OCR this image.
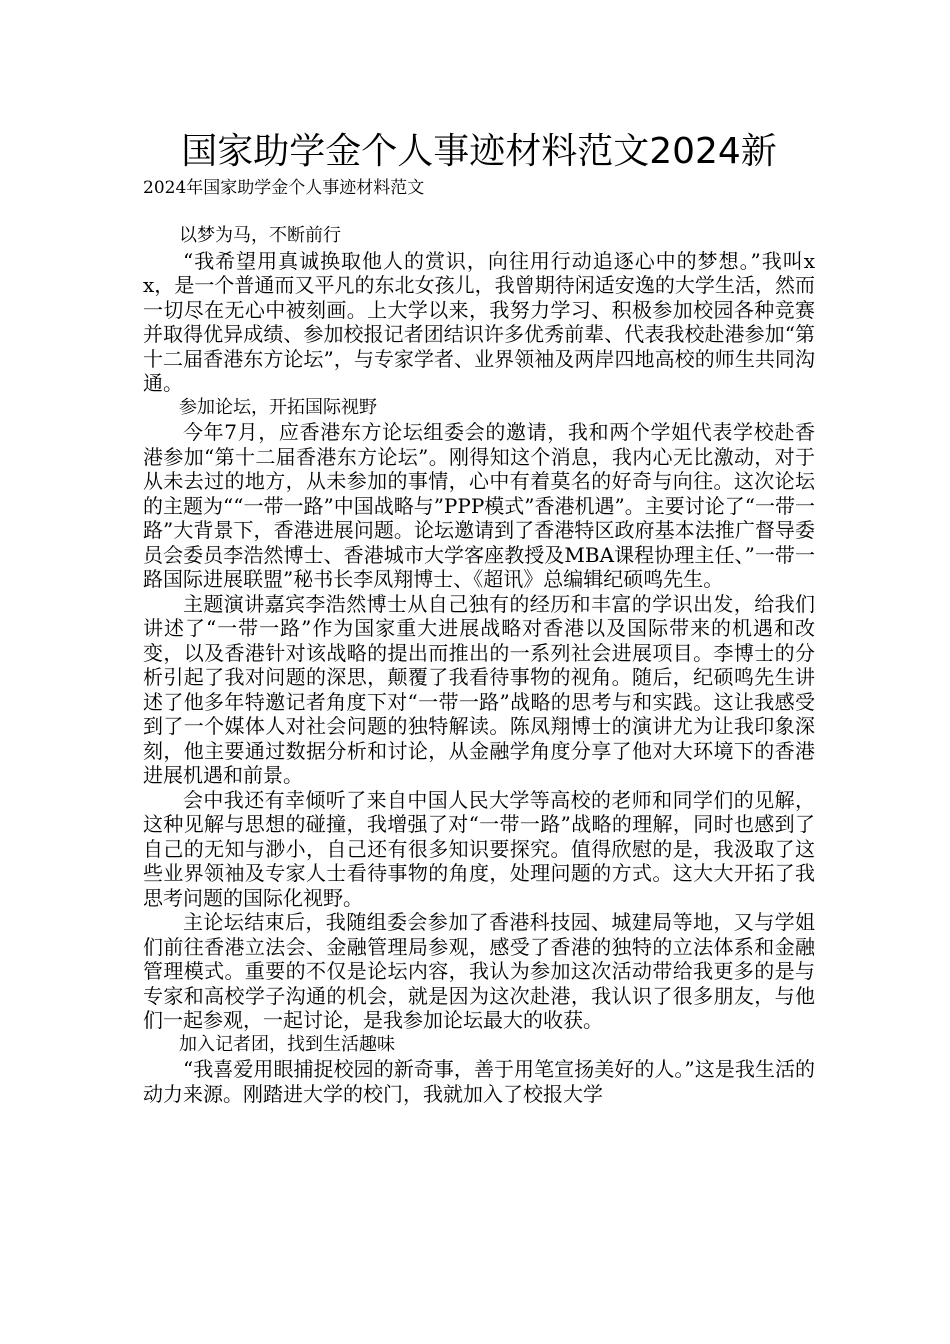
国家助学金个人事迹材料范文2024新

2024年国家助学金个人事迹材料范文

以梦为马，不断前行

“我希望用真诚换取他人的赏识，向往用行动追逐心中的梦想。”我叫xx，是一个普通而又平凡的东北女孩儿，我曾期待闲适安逸的大学生活，然而一切尽在无心中被刻画。上大学以来，我努力学习、积极参加校园各种竞赛并取得优异成绩、参加校报记者团结识许多优秀前辈、代表我校赴港参加“第十二届香港东方论坛”，与专家学者、业界领袖及两岸四地高校的师生共同沟通。

参加论坛，开拓国际视野

今年7月，应香港东方论坛组委会的邀请，我和两个学姐代表学校赴香港参加“第十二届香港东方论坛”。刚得知这个消息，我内心无比激动，对于从未去过的地方，从未参加的事情，心中有着莫名的好奇与向往。这次论坛的主题为““一带一路”中国战略与”PPP模式”香港机遇”。主要讨论了“一带一路”大背景下，香港进展问题。论坛邀请到了香港特区政府基本法推广督导委员会委员李浩然博士、香港城市大学客座教授及MBA课程协理主任、”一带一路国际进展联盟”秘书长李凤翔博士、《超讯》总编辑纪硕鸣先生。

主题演讲嘉宾李浩然博士从自己独有的经历和丰富的学识出发，给我们讲述了“一带一路”作为国家重大进展战略对香港以及国际带来的机遇和改变，以及香港针对该战略的提出而推出的一系列社会进展项目。李博士的分析引起了我对问题的深思，颠覆了我看待事物的视角。随后，纪硕鸣先生讲述了他多年特邀记者角度下对“一带一路”战略的思考与和实践。这让我感受到了一个媒体人对社会问题的独特解读。陈凤翔博士的演讲尤为让我印象深刻，他主要通过数据分析和讨论，从金融学角度分享了他对大环境下的香港进展机遇和前景。

会中我还有幸倾听了来自中国人民大学等高校的老师和同学们的见解，这种见解与思想的碰撞，我增强了对“一带一路”战略的理解，同时也感到了自己的无知与渺小，自己还有很多知识要探究。值得欣慰的是，我汲取了这些业界领袖及专家人士看待事物的角度，处理问题的方式。这大大开拓了我思考问题的国际化视野。

主论坛结束后，我随组委会参加了香港科技园、城建局等地，又与学姐们前往香港立法会、金融管理局参观，感受了香港的独特的立法体系和金融管理模式。重要的不仅是论坛内容，我认为参加这次活动带给我更多的是与专家和高校学子沟通的机会，就是因为这次赴港，我认识了很多朋友，与他们一起参观，一起讨论，是我参加论坛最大的收获。

加入记者团，找到生活趣味

“我喜爱用眼捕捉校园的新奇事，善于用笔宣扬美好的人。”这是我生活的动力来源。刚踏进大学的校门，我就加入了校报大学
